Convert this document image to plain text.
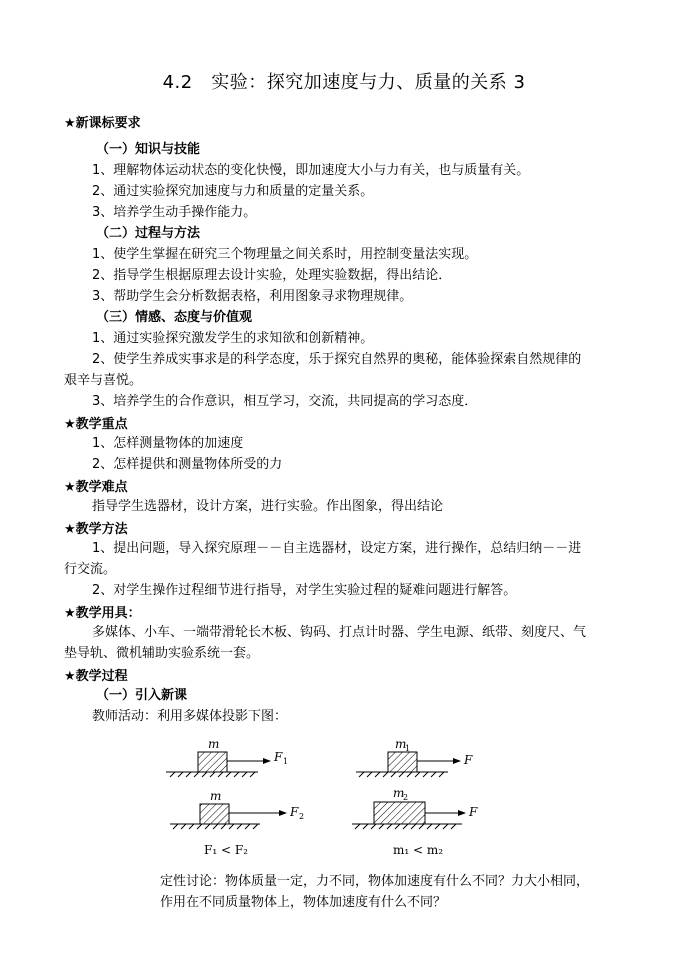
4.2　实验：探究加速度与力、质量的关系 3
★新课标要求
（一）知识与技能
1、理解物体运动状态的变化快慢，即加速度大小与力有关，也与质量有关。
2、通过实验探究加速度与力和质量的定量关系。
3、培养学生动手操作能力。
（二）过程与方法
1、使学生掌握在研究三个物理量之间关系时，用控制变量法实现。
2、指导学生根据原理去设计实验，处理实验数据，得出结论．
3、帮助学生会分析数据表格，利用图象寻求物理规律。
（三）情感、态度与价值观
1、通过实验探究激发学生的求知欲和创新精神。
2、使学生养成实事求是的科学态度，乐于探究自然界的奥秘，能体验探索自然规律的
艰辛与喜悦。
3、培养学生的合作意识，相互学习，交流，共同提高的学习态度．
★教学重点
1、怎样测量物体的加速度
2、怎样提供和测量物体所受的力
★教学难点
指导学生选器材，设计方案，进行实验。作出图象，得出结论
★教学方法
1、提出问题，导入探究原理－－自主选器材，设定方案，进行操作，总结归纳－－进
行交流。
2、对学生操作过程细节进行指导，对学生实验过程的疑难问题进行解答。
★教学用具：
多媒体、小车、一端带滑轮长木板、钩码、打点计时器、学生电源、纸带、刻度尺、气
垫导轨、微机辅助实验系统一套。
★教学过程
（一）引入新课
教师活动：利用多媒体投影下图：
m
F 1
m
F 2
F₁ < F₂
m
1
F
m
2
F
m₁ < m₂
定性讨论：物体质量一定，力不同，物体加速度有什么不同？力大小相同，
作用在不同质量物体上，物体加速度有什么不同？
